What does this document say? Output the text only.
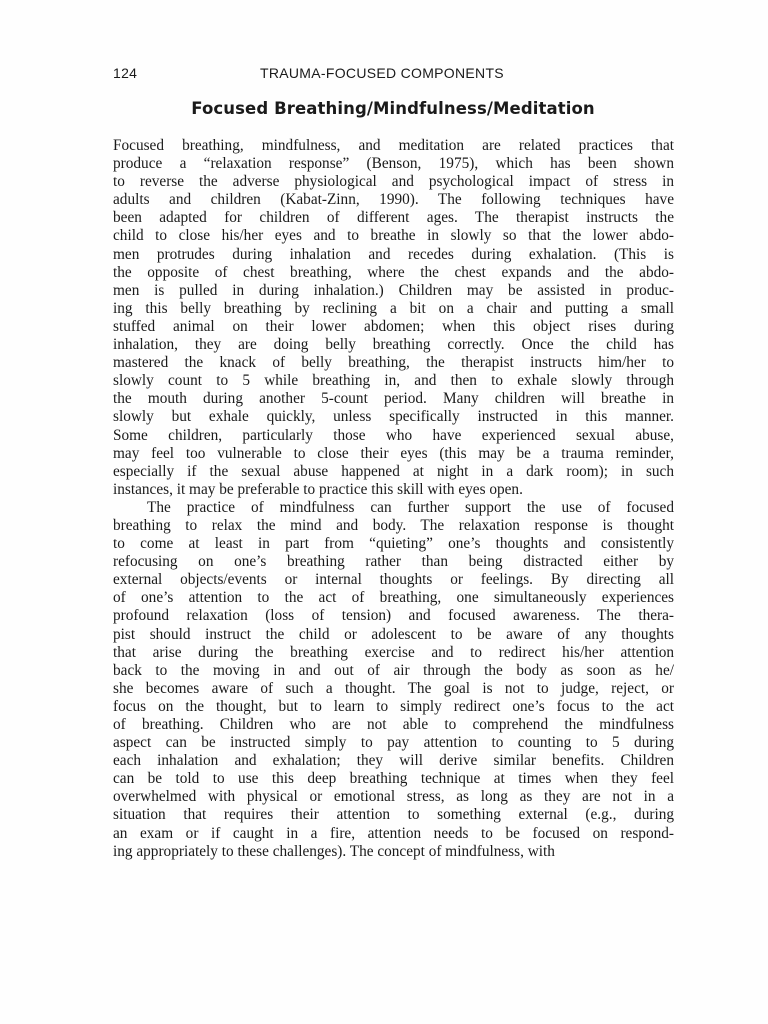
124	TRAUMA-FOCUSED COMPONENTS
Focused Breathing/Mindfulness/Meditation
Focused breathing, mindfulness, and meditation are related practices that
produce a “relaxation response” (Benson, 1975), which has been shown
to reverse the adverse physiological and psychological impact of stress in
adults and children (Kabat-Zinn, 1990). The following techniques have
been adapted for children of different ages. The therapist instructs the
child to close his/her eyes and to breathe in slowly so that the lower abdo-
men protrudes during inhalation and recedes during exhalation. (This is
the opposite of chest breathing, where the chest expands and the abdo-
men is pulled in during inhalation.) Children may be assisted in produc-
ing this belly breathing by reclining a bit on a chair and putting a small
stuffed animal on their lower abdomen; when this object rises during
inhalation, they are doing belly breathing correctly. Once the child has
mastered the knack of belly breathing, the therapist instructs him/her to
slowly count to 5 while breathing in, and then to exhale slowly through
the mouth during another 5-count period. Many children will breathe in
slowly but exhale quickly, unless specifically instructed in this manner.
Some children, particularly those who have experienced sexual abuse,
may feel too vulnerable to close their eyes (this may be a trauma reminder,
especially if the sexual abuse happened at night in a dark room); in such
instances, it may be preferable to practice this skill with eyes open.
The practice of mindfulness can further support the use of focused
breathing to relax the mind and body. The relaxation response is thought
to come at least in part from “quieting” one’s thoughts and consistently
refocusing on one’s breathing rather than being distracted either by
external objects/events or internal thoughts or feelings. By directing all
of one’s attention to the act of breathing, one simultaneously experiences
profound relaxation (loss of tension) and focused awareness. The thera-
pist should instruct the child or adolescent to be aware of any thoughts
that arise during the breathing exercise and to redirect his/her attention
back to the moving in and out of air through the body as soon as he/
she becomes aware of such a thought. The goal is not to judge, reject, or
focus on the thought, but to learn to simply redirect one’s focus to the act
of breathing. Children who are not able to comprehend the mindfulness
aspect can be instructed simply to pay attention to counting to 5 during
each inhalation and exhalation; they will derive similar benefits. Children
can be told to use this deep breathing technique at times when they feel
overwhelmed with physical or emotional stress, as long as they are not in a
situation that requires their attention to something external (e.g., during
an exam or if caught in a fire, attention needs to be focused on respond-
ing appropriately to these challenges). The concept of mindfulness, with
